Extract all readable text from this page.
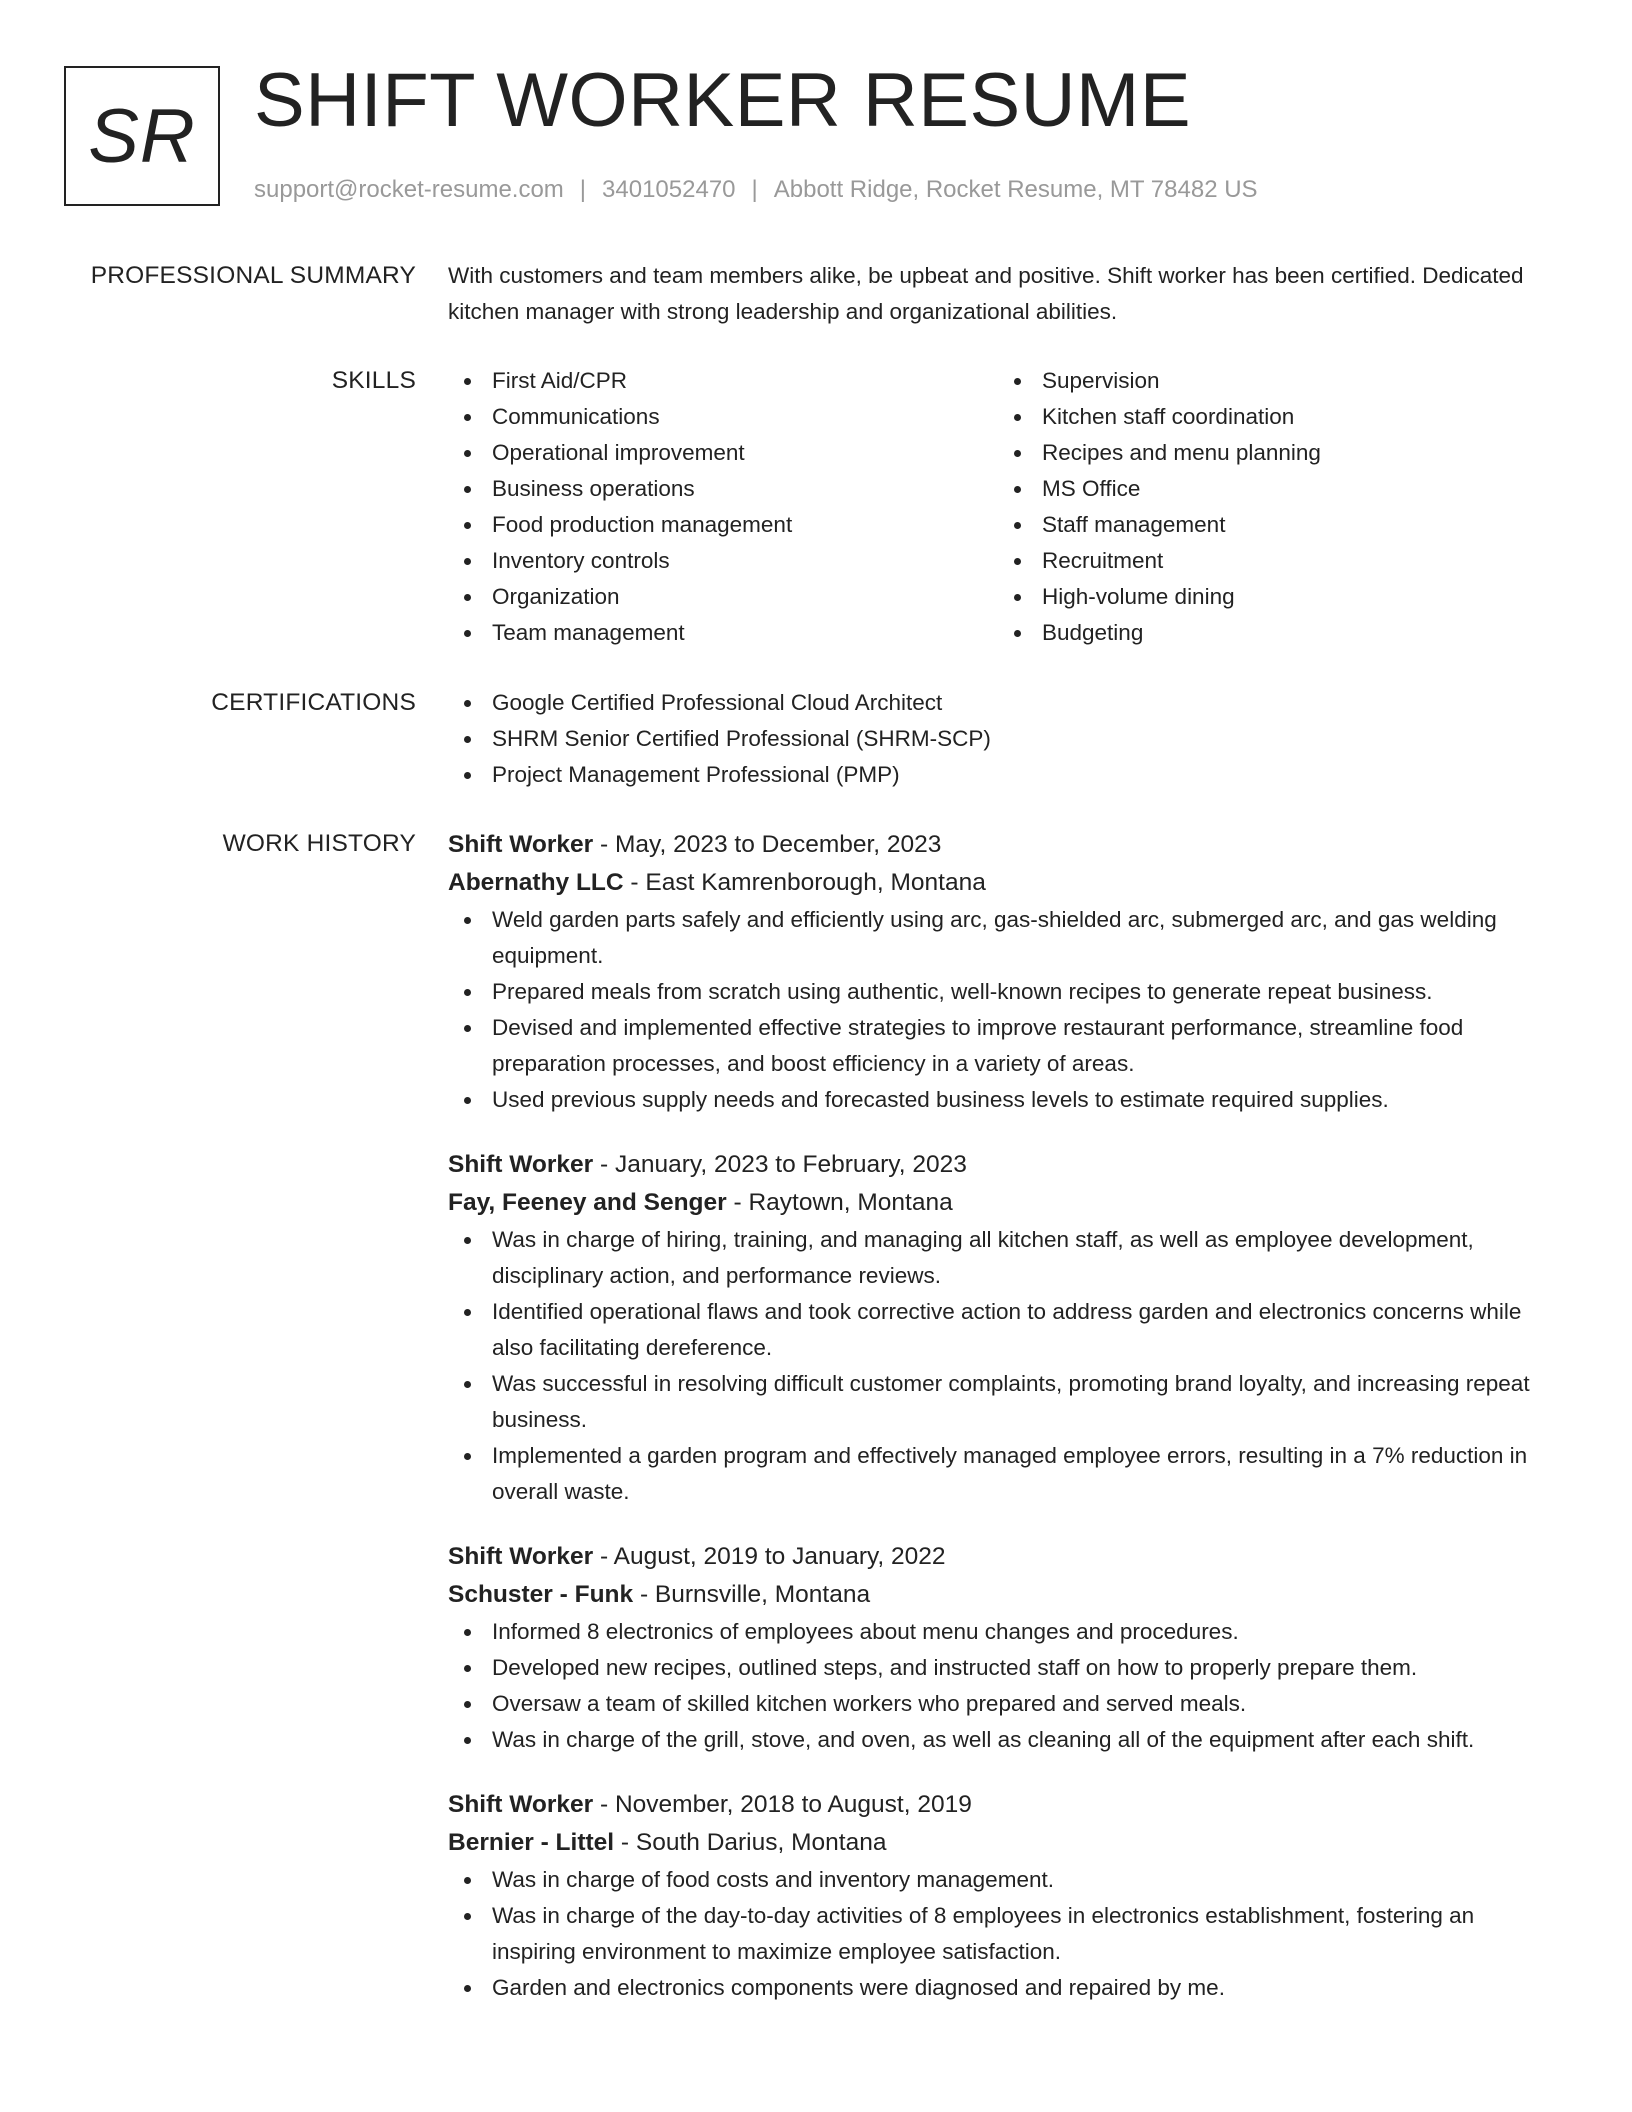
SR SHIFT WORKER RESUME
support@rocket-resume.com | 3401052470 | Abbott Ridge, Rocket Resume, MT 78482 US
PROFESSIONAL SUMMARY With customers and team members alike, be upbeat and positive. Shift worker has been certified. Dedicated kitchen manager with strong leadership and organizational abilities.

SKILLS	First Aid/CPR
Communications
Operational improvement
Business operations
Food production management
Inventory controls
Organization
Team management
Supervision
Kitchen staff coordination
Recipes and menu planning
MS Office
Staff management
Recruitment
High-volume dining
Budgeting
CERTIFICATIONS	Google Certified Professional Cloud Architect
SHRM Senior Certified Professional (SHRM-SCP)
Project Management Professional (PMP)
WORK HISTORY Shift Worker - May, 2023 to December, 2023
Abernathy LLC - East Kamrenborough, Montana
Weld garden parts safely and efficiently using arc, gas-shielded arc, submerged arc, and gas welding equipment.
Prepared meals from scratch using authentic, well-known recipes to generate repeat business.
Devised and implemented effective strategies to improve restaurant performance, streamline food preparation processes, and boost efficiency in a variety of areas.
Used previous supply needs and forecasted business levels to estimate required supplies.
Shift Worker - January, 2023 to February, 2023
Fay, Feeney and Senger - Raytown, Montana
Was in charge of hiring, training, and managing all kitchen staff, as well as employee development, disciplinary action, and performance reviews.
Identified operational flaws and took corrective action to address garden and electronics concerns while also facilitating dereference.
Was successful in resolving difficult customer complaints, promoting brand loyalty, and increasing repeat business.
Implemented a garden program and effectively managed employee errors, resulting in a 7% reduction in overall waste.
Shift Worker - August, 2019 to January, 2022
Schuster - Funk - Burnsville, Montana
Informed 8 electronics of employees about menu changes and procedures.
Developed new recipes, outlined steps, and instructed staff on how to properly prepare them.
Oversaw a team of skilled kitchen workers who prepared and served meals.
Was in charge of the grill, stove, and oven, as well as cleaning all of the equipment after each shift.
Shift Worker - November, 2018 to August, 2019
Bernier - Littel - South Darius, Montana
Was in charge of food costs and inventory management.
Was in charge of the day-to-day activities of 8 employees in electronics establishment, fostering an inspiring environment to maximize employee satisfaction.
Garden and electronics components were diagnosed and repaired by me.
